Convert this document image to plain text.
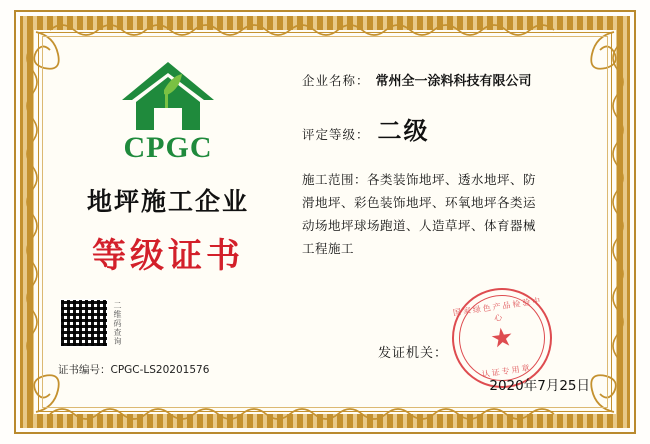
CPGC
地坪施工企业
等级证书
二维码查询
证书编号：CPGC-LS20201576
企业名称： 常州全一涂料科技有限公司
评定等级： 二级
施工范围：各类装饰地坪、透水地坪、防滑地坪、彩色装饰地坪、环氧地坪各类运动场地坪球场跑道、人造草坪、体育器械工程施工
国家绿色产品检验中心
★
认证专用章
发证机关：
2020年7月25日
